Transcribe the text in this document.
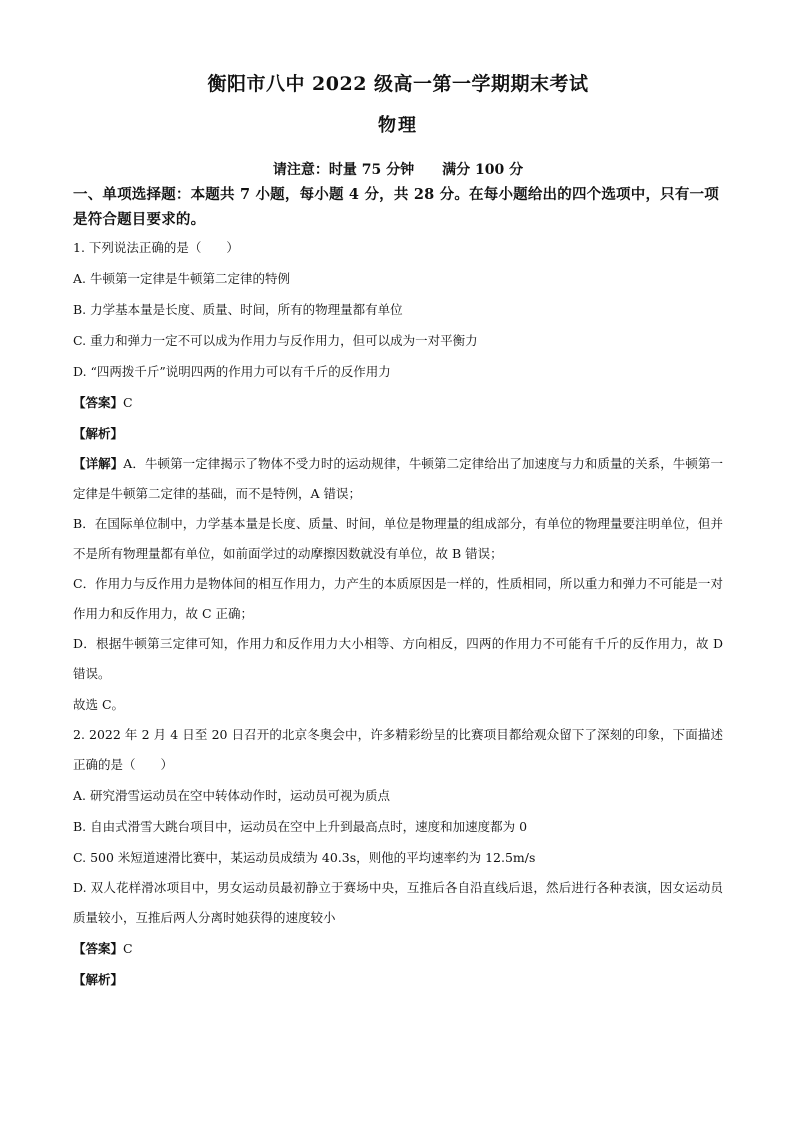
衡阳市八中 2022 级高一第一学期期末考试
物理
请注意：时量 75 分钟 满分 100 分
一、单项选择题：本题共 7 小题，每小题 4 分，共 28 分。在每小题给出的四个选项中，只有一项是符合题目要求的。

1. 下列说法正确的是（　　）

A. 牛顿第一定律是牛顿第二定律的特例

B. 力学基本量是长度、质量、时间，所有的物理量都有单位

C. 重力和弹力一定不可以成为作用力与反作用力，但可以成为一对平衡力

D. “四两拨千斤”说明四两的作用力可以有千斤的反作用力

【答案】C

【解析】

【详解】A．牛顿第一定律揭示了物体不受力时的运动规律，牛顿第二定律给出了加速度与力和质量的关系，牛顿第一定律是牛顿第二定律的基础，而不是特例，A 错误；

B．在国际单位制中，力学基本量是长度、质量、时间，单位是物理量的组成部分，有单位的物理量要注明单位，但并不是所有物理量都有单位，如前面学过的动摩擦因数就没有单位，故 B 错误；

C．作用力与反作用力是物体间的相互作用力，力产生的本质原因是一样的，性质相同，所以重力和弹力不可能是一对作用力和反作用力，故 C 正确；

D．根据牛顿第三定律可知，作用力和反作用力大小相等、方向相反，四两的作用力不可能有千斤的反作用力，故 D 错误。

故选 C。

2. 2022 年 2 月 4 日至 20 日召开的北京冬奥会中，许多精彩纷呈的比赛项目都给观众留下了深刻的印象，下面描述正确的是（　　）

A. 研究滑雪运动员在空中转体动作时，运动员可视为质点

B. 自由式滑雪大跳台项目中，运动员在空中上升到最高点时，速度和加速度都为 0

C. 500 米短道速滑比赛中，某运动员成绩为 40.3s，则他的平均速率约为 12.5m/s

D. 双人花样滑冰项目中，男女运动员最初静立于赛场中央，互推后各自沿直线后退，然后进行各种表演，因女运动员质量较小，互推后两人分离时她获得的速度较小

【答案】C

【解析】
